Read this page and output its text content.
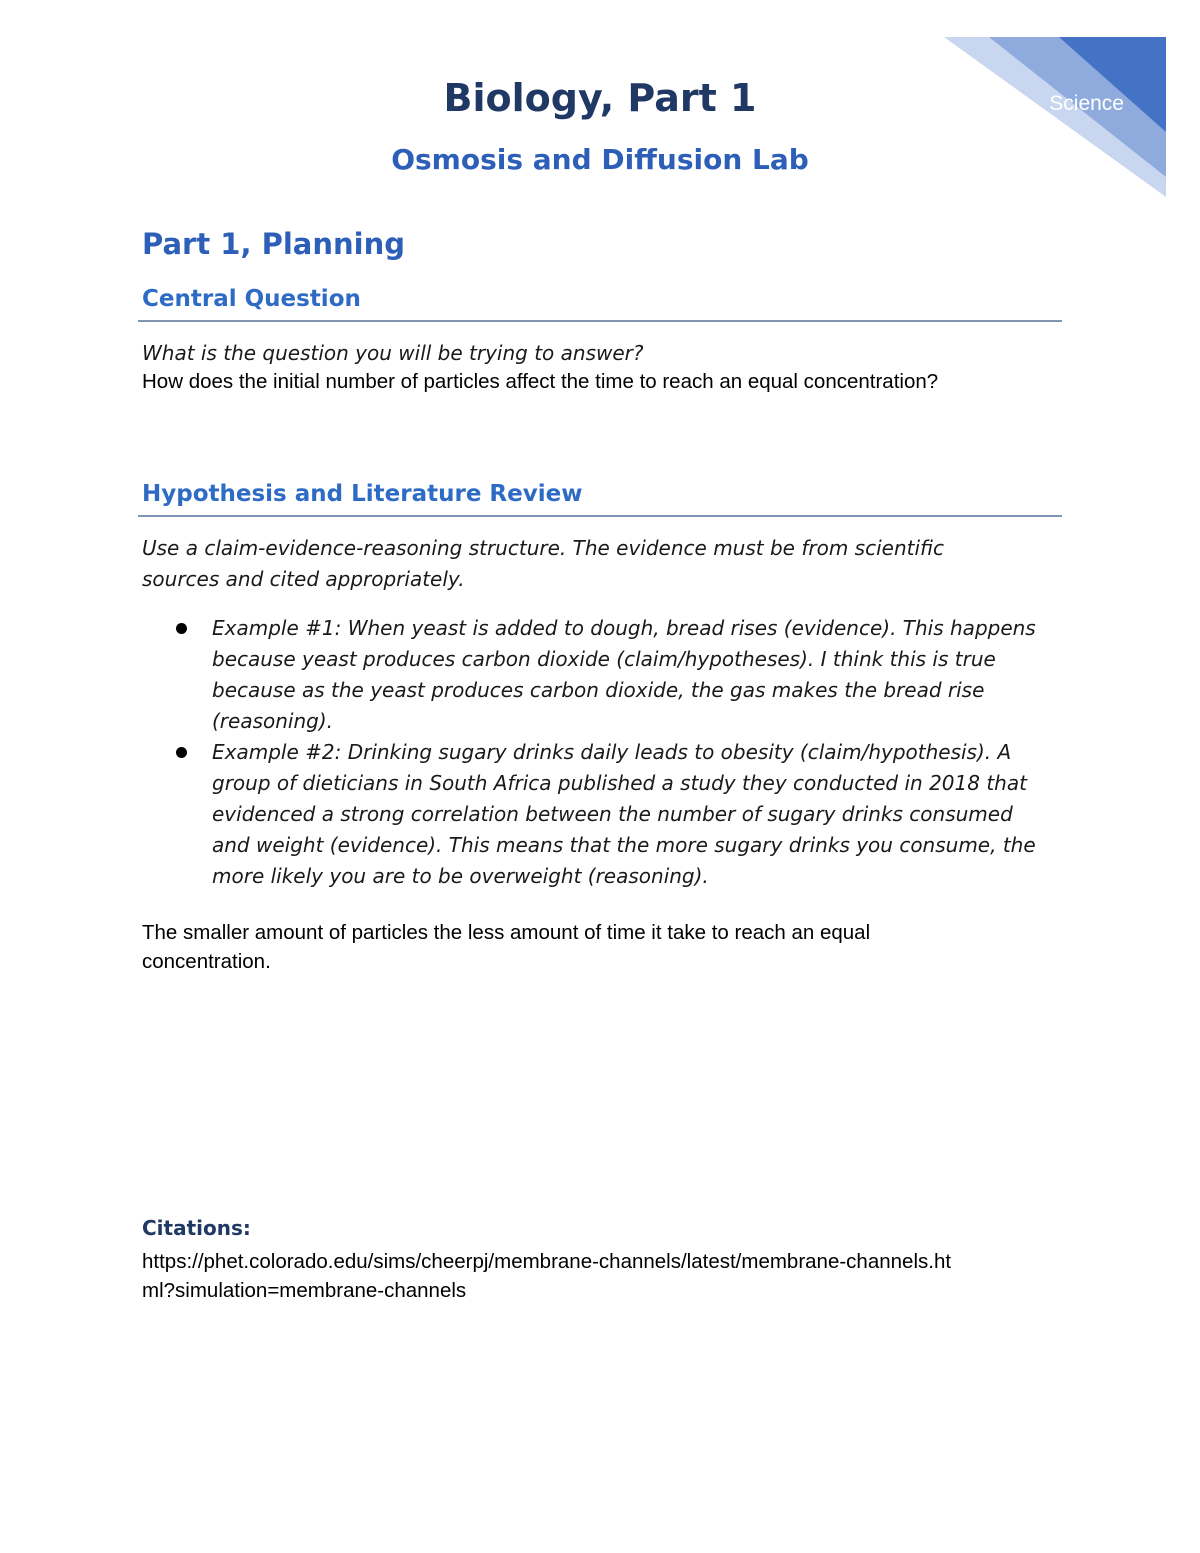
Science
Biology, Part 1
Osmosis and Diffusion Lab
Part 1, Planning
Central Question

What is the question you will be trying to answer?

How does the initial number of particles affect the time to reach an equal concentration?

Hypothesis and Literature Review

Use a claim-evidence-reasoning structure. The evidence must be from scientific sources and cited appropriately.

Example #1: When yeast is added to dough, bread rises (evidence). This happens because yeast produces carbon dioxide (claim/hypotheses). I think this is true because as the yeast produces carbon dioxide, the gas makes the bread rise (reasoning).
Example #2: Drinking sugary drinks daily leads to obesity (claim/hypothesis). A group of dieticians in South Africa published a study they conducted in 2018 that evidenced a strong correlation between the number of sugary drinks consumed and weight (evidence). This means that the more sugary drinks you consume, the more likely you are to be overweight (reasoning).

The smaller amount of particles the less amount of time it take to reach an equal concentration.

Citations:

https://phet.colorado.edu/sims/cheerpj/membrane-channels/latest/membrane-channels.html?simulation=membrane-channels
